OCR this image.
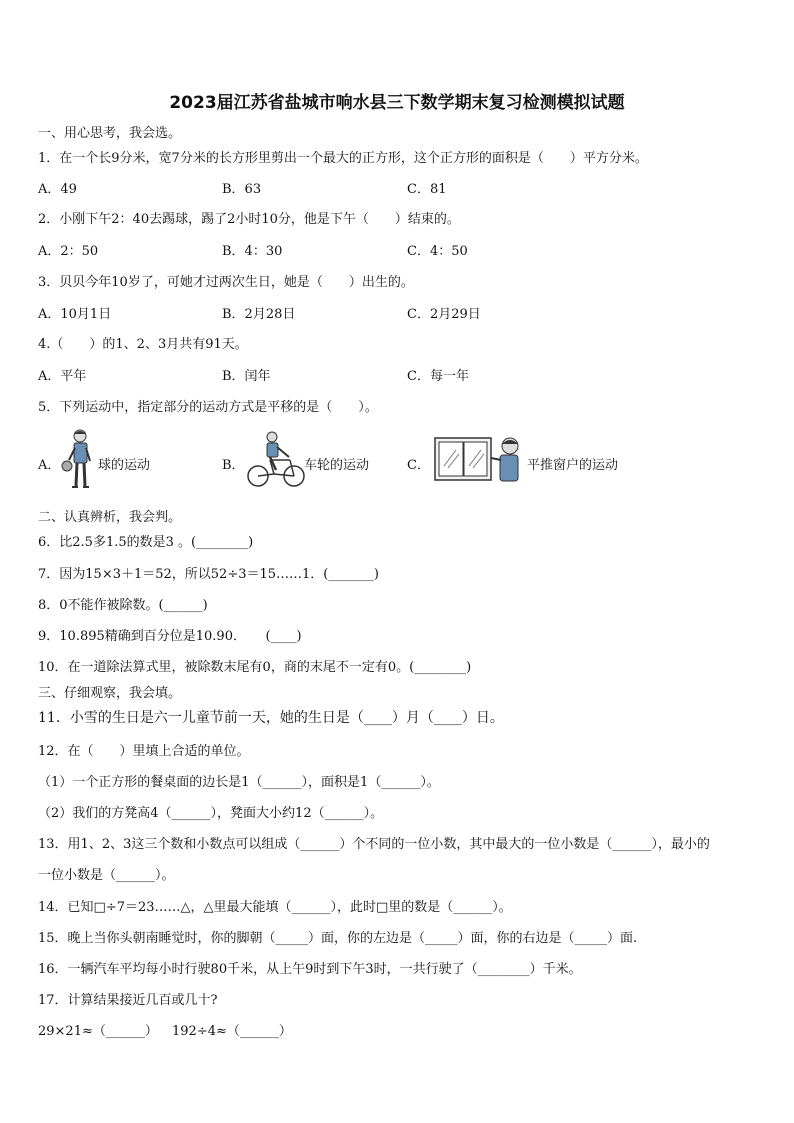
2023届江苏省盐城市响水县三下数学期末复习检测模拟试题
一、用心思考，我会选。
1．在一个长9分米，宽7分米的长方形里剪出一个最大的正方形，这个正方形的面积是（　　）平方分米。
A．49	B．63	C．81
2．小刚下午2：40去踢球，踢了2小时10分，他是下午（　　）结束的。
A．2：50	B．4：30	C．4：50
3．贝贝今年10岁了，可她才过两次生日，她是（　　）出生的。
A．10月1日	B．2月28日	C．2月29日
4.（　　）的1、2、3月共有91天。
A．平年	B．闰年	C．每一年
5．下列运动中，指定部分的运动方式是平移的是（　　）。
A．	球的运动	B．	车轮的运动	C．	平推窗户的运动
二、认真辨析，我会判。
6．比2.5多1.5的数是3 。(________)
7．因为15×3＋1＝52，所以52÷3＝15……1．(_______)
8．0不能作被除数。(______)
9．10.895精确到百分位是10.90．　　(____)
10．在一道除法算式里，被除数末尾有0，商的末尾不一定有0。(________)
三、仔细观察，我会填。
11．小雪的生日是六一儿童节前一天，她的生日是（____）月（____）日。
12．在（　　）里填上合适的单位。
（1）一个正方形的餐桌面的边长是1（______），面积是1（______）。
（2）我们的方凳高4（______），凳面大小约12（______）。
13．用1、2、3这三个数和小数点可以组成（______）个不同的一位小数，其中最大的一位小数是（______），最小的
一位小数是（______）。
14．已知□÷7＝23……△，△里最大能填（______），此时□里的数是（______）。
15．晚上当你头朝南睡觉时，你的脚朝（_____）面，你的左边是（_____）面，你的右边是（_____）面.
16．一辆汽车平均每小时行驶80千米，从上午9时到下午3时，一共行驶了（________）千米。
17．计算结果接近几百或几十?
29×21≈（______） 192÷4≈（______）
